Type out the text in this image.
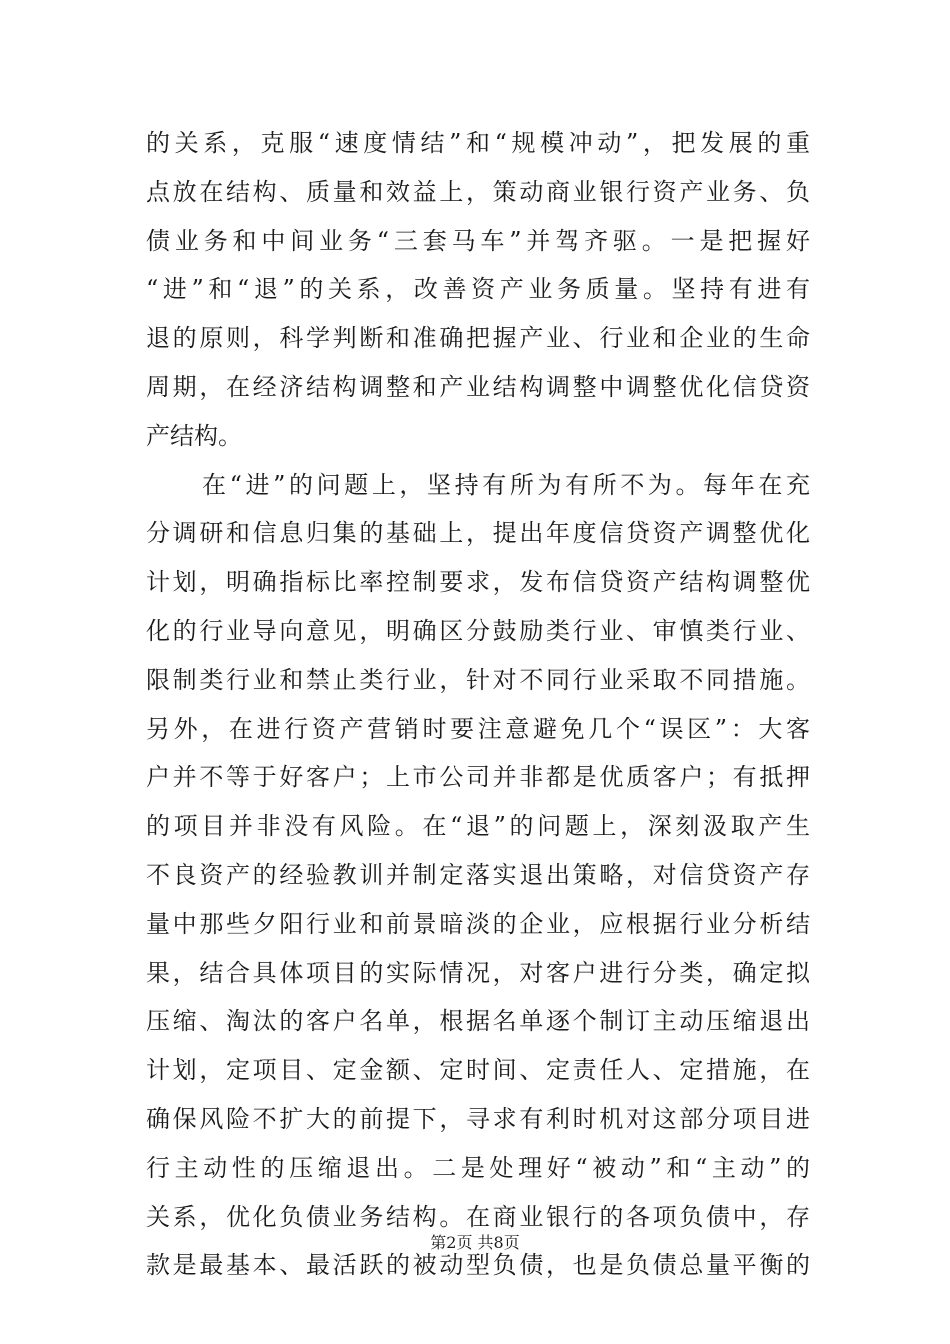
的关系，克服“速度情结”和“规模冲动”，把发展的重
点放在结构、质量和效益上，策动商业银行资产业务、负
债业务和中间业务“三套马车”并驾齐驱。一是把握好
“进”和“退”的关系，改善资产业务质量。坚持有进有
退的原则，科学判断和准确把握产业、行业和企业的生命
周期，在经济结构调整和产业结构调整中调整优化信贷资
产结构。
在“进”的问题上，坚持有所为有所不为。每年在充
分调研和信息归集的基础上，提出年度信贷资产调整优化
计划，明确指标比率控制要求，发布信贷资产结构调整优
化的行业导向意见，明确区分鼓励类行业、审慎类行业、
限制类行业和禁止类行业，针对不同行业采取不同措施。
另外，在进行资产营销时要注意避免几个“误区”：大客
户并不等于好客户；上市公司并非都是优质客户；有抵押
的项目并非没有风险。在“退”的问题上，深刻汲取产生
不良资产的经验教训并制定落实退出策略，对信贷资产存
量中那些夕阳行业和前景暗淡的企业，应根据行业分析结
果，结合具体项目的实际情况，对客户进行分类，确定拟
压缩、淘汰的客户名单，根据名单逐个制订主动压缩退出
计划，定项目、定金额、定时间、定责任人、定措施，在
确保风险不扩大的前提下，寻求有利时机对这部分项目进
行主动性的压缩退出。二是处理好“被动”和“主动”的
关系，优化负债业务结构。在商业银行的各项负债中，存
款是最基本、最活跃的被动型负债，也是负债总量平衡的
第2页 共8页
